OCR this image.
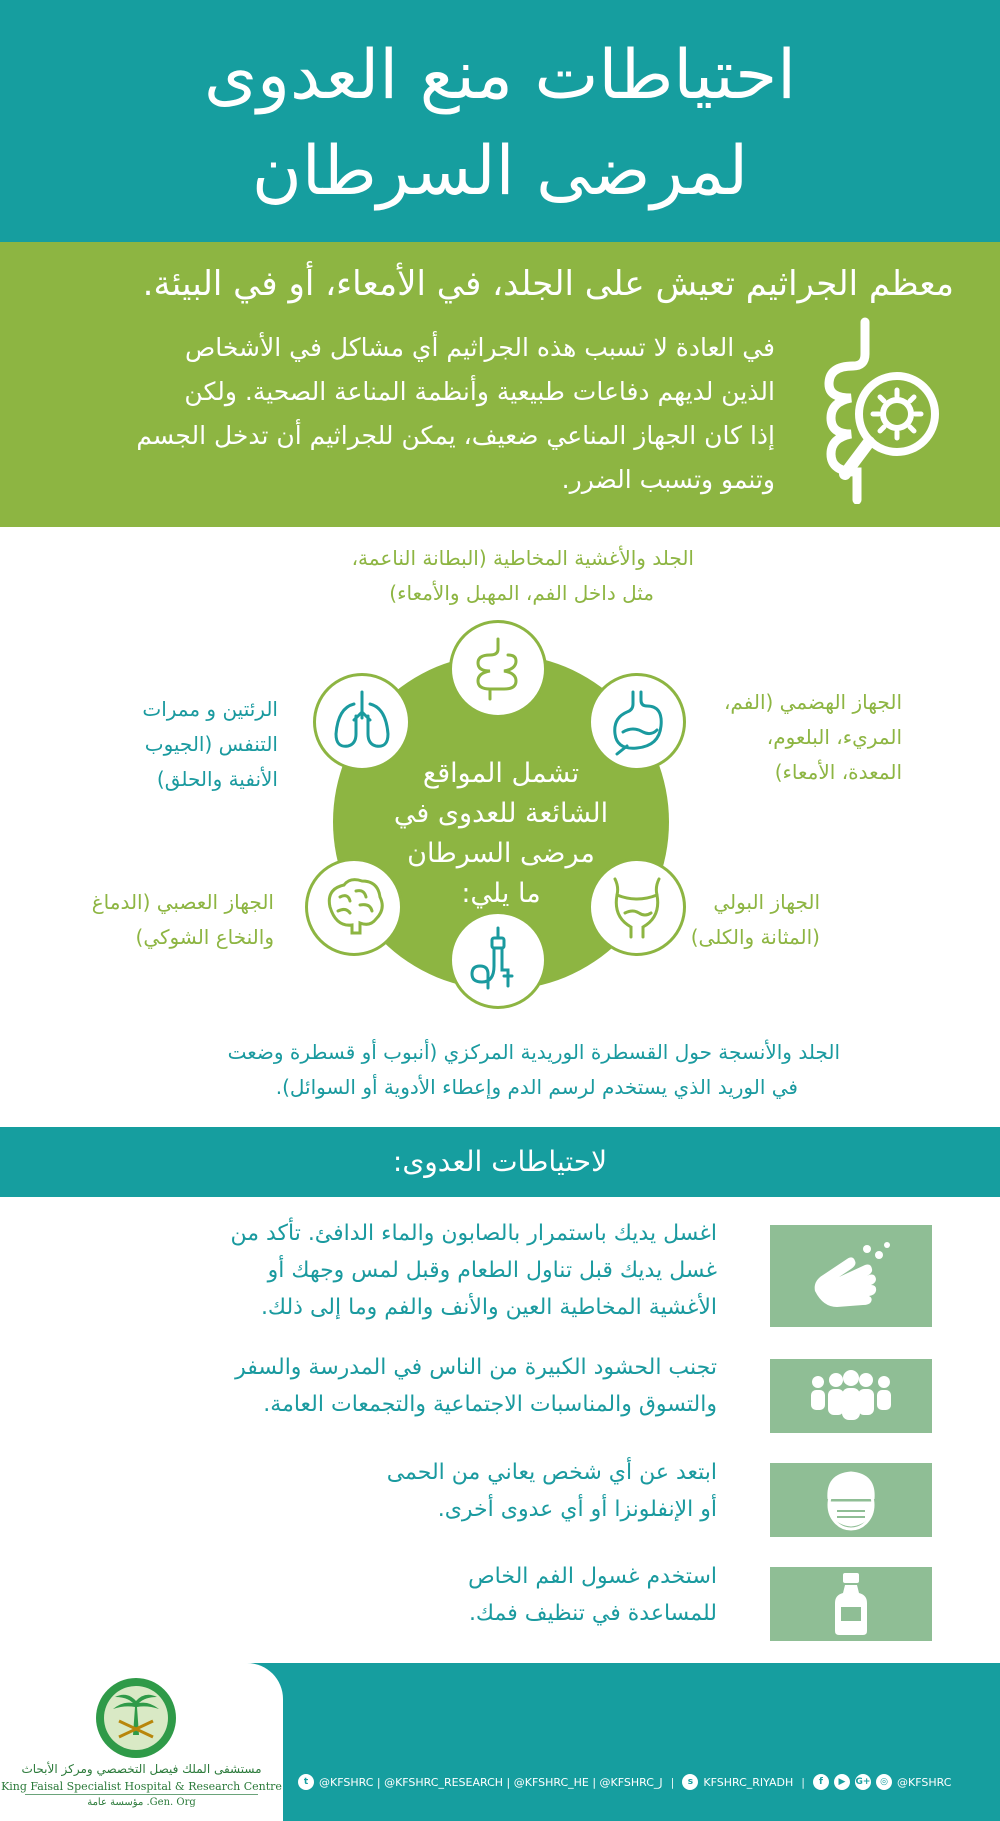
احتياطات منع العدوى
لمرضى السرطان
معظم الجراثيم تعيش على الجلد، في الأمعاء، أو في البيئة.
في العادة لا تسبب هذه الجراثيم أي مشاكل في الأشخاص
الذين لديهم دفاعات طبيعية وأنظمة المناعة الصحية. ولكن
إذا كان الجهاز المناعي ضعيف، يمكن للجراثيم أن تدخل الجسم
وتنمو وتسبب الضرر.
الجلد والأغشية المخاطية (البطانة الناعمة،
مثل داخل الفم، المهبل والأمعاء)
الجهاز الهضمي (الفم،
المريء، البلعوم،
المعدة، الأمعاء)
الرئتين و ممرات
التنفس (الجيوب
الأنفية والحلق)
الجهاز البولي
(المثانة والكلى)
الجهاز العصبي (الدماغ
والنخاع الشوكي)
الجلد والأنسجة حول القسطرة الوريدية المركزي (أنبوب أو قسطرة وضعت
في الوريد الذي يستخدم لرسم الدم وإعطاء الأدوية أو السوائل).
تشمل المواقع
الشائعة للعدوى في
مرضى السرطان
ما يلي:
لاحتياطات العدوى:
اغسل يديك باستمرار بالصابون والماء الدافئ. تأكد من
غسل يديك قبل تناول الطعام وقبل لمس وجهك أو
الأغشية المخاطية العين والأنف والفم وما إلى ذلك.
تجنب الحشود الكبيرة من الناس في المدرسة والسفر
والتسوق والمناسبات الاجتماعية والتجمعات العامة.
ابتعد عن أي شخص يعاني من الحمى
أو الإنفلونزا أو أي عدوى أخرى.
استخدم غسول الفم الخاص
للمساعدة في تنظيف فمك.
مستشفى الملك فيصل التخصصي ومركز الأبحاث
King Faisal Specialist Hospital & Research Centre
Gen. Org. مؤسسة عامة
t @KFSHRC | @KFSHRC_RESEARCH | @KFSHRC_HE | @KFSHRC_J |	s KFSHRC_RIYADH |	f	▶	G+	◎ @KFSHRC
